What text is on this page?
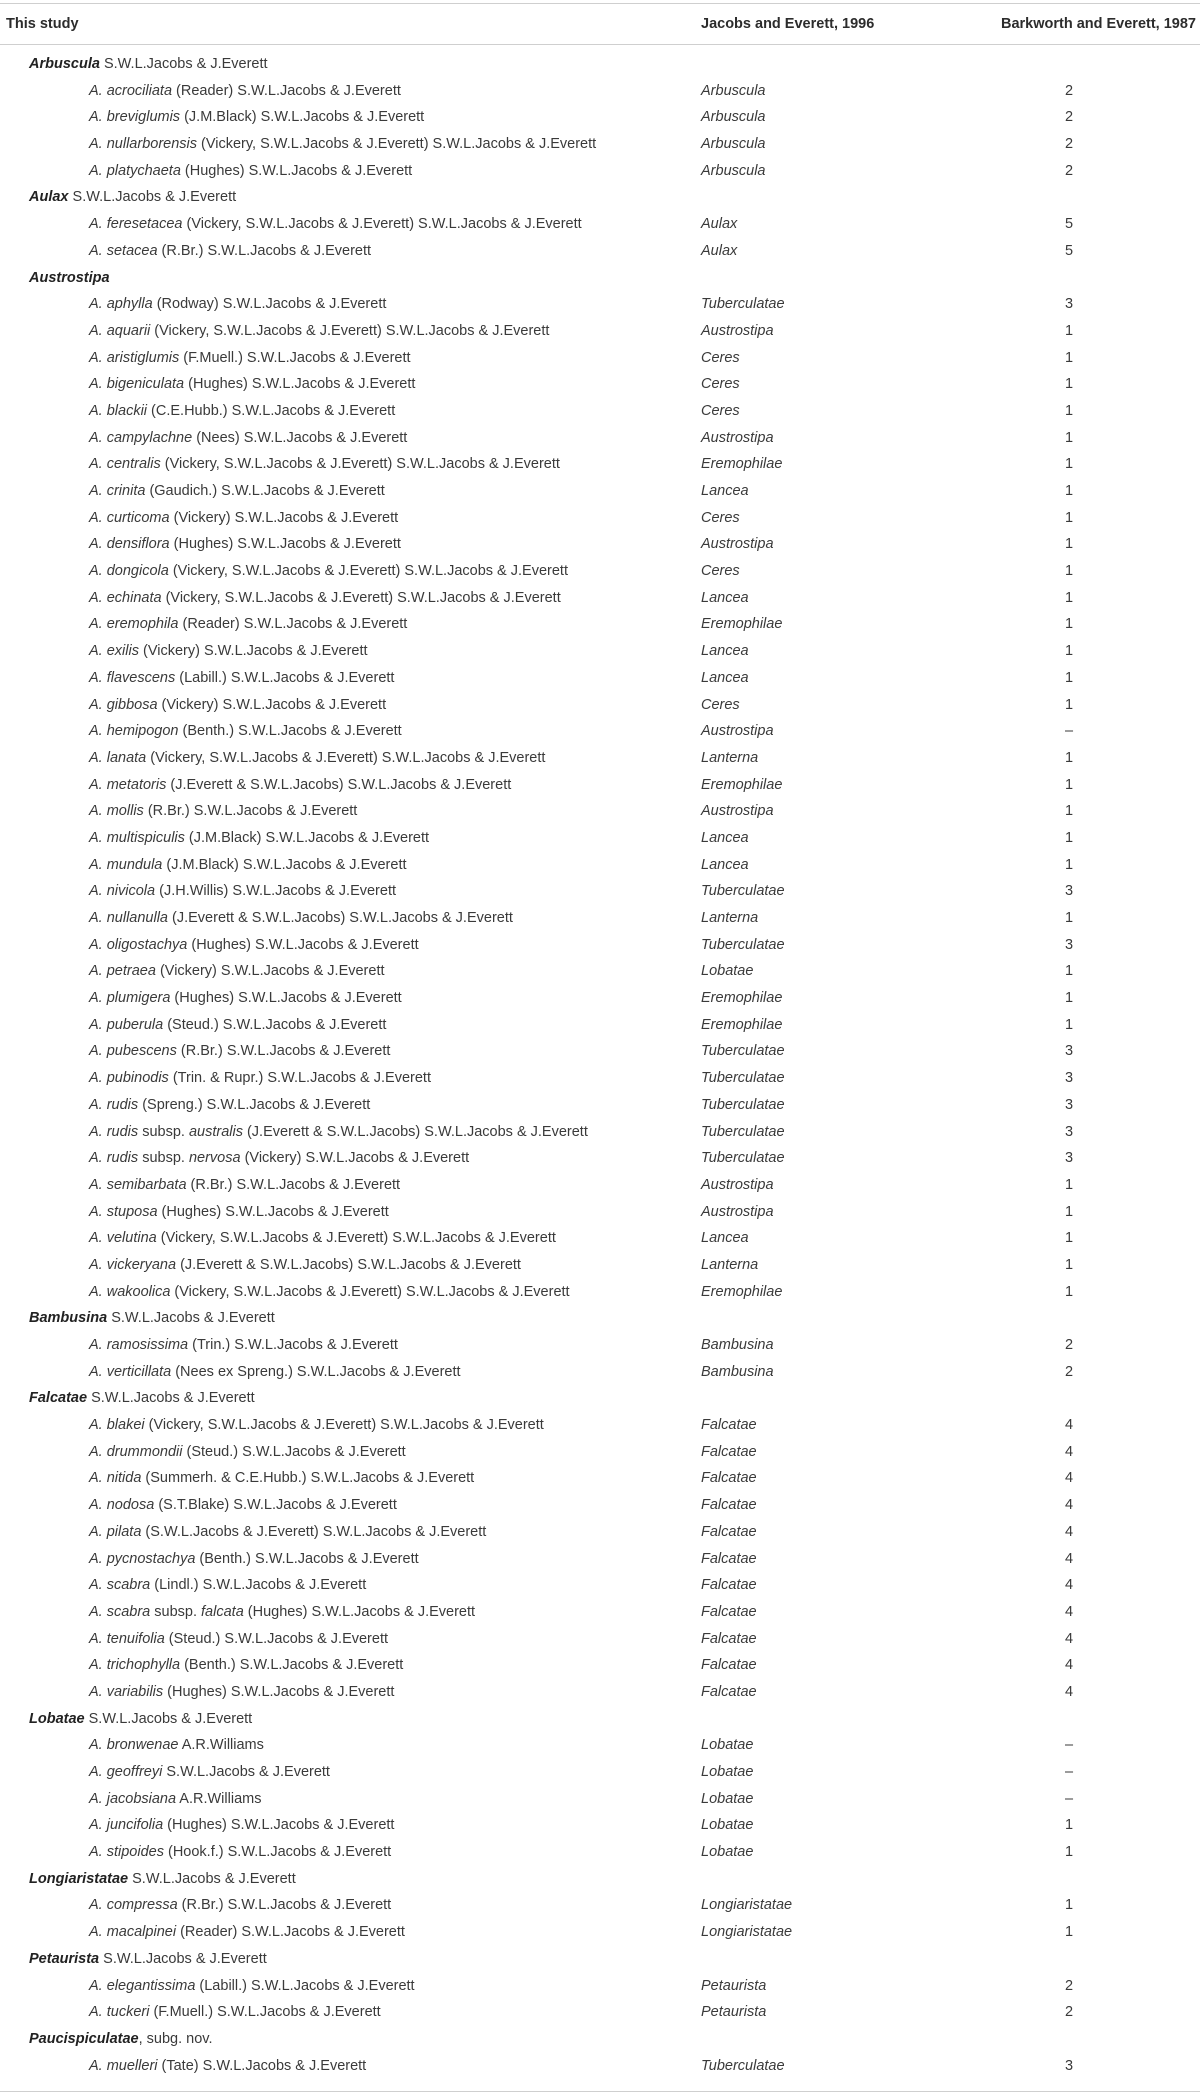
This study	Jacobs and Everett, 1996	Barkworth and Everett, 1987
Arbuscula S.W.L.Jacobs & J.Everett
A. acrociliata (Reader) S.W.L.Jacobs & J.Everett	Arbuscula	2
A. breviglumis (J.M.Black) S.W.L.Jacobs & J.Everett	Arbuscula	2
A. nullarborensis (Vickery, S.W.L.Jacobs & J.Everett) S.W.L.Jacobs & J.Everett	Arbuscula	2
A. platychaeta (Hughes) S.W.L.Jacobs & J.Everett	Arbuscula	2
Aulax S.W.L.Jacobs & J.Everett
A. feresetacea (Vickery, S.W.L.Jacobs & J.Everett) S.W.L.Jacobs & J.Everett	Aulax	5
A. setacea (R.Br.) S.W.L.Jacobs & J.Everett	Aulax	5
Austrostipa
A. aphylla (Rodway) S.W.L.Jacobs & J.Everett	Tuberculatae	3
A. aquarii (Vickery, S.W.L.Jacobs & J.Everett) S.W.L.Jacobs & J.Everett	Austrostipa	1
A. aristiglumis (F.Muell.) S.W.L.Jacobs & J.Everett	Ceres	1
A. bigeniculata (Hughes) S.W.L.Jacobs & J.Everett	Ceres	1
A. blackii (C.E.Hubb.) S.W.L.Jacobs & J.Everett	Ceres	1
A. campylachne (Nees) S.W.L.Jacobs & J.Everett	Austrostipa	1
A. centralis (Vickery, S.W.L.Jacobs & J.Everett) S.W.L.Jacobs & J.Everett	Eremophilae	1
A. crinita (Gaudich.) S.W.L.Jacobs & J.Everett	Lancea	1
A. curticoma (Vickery) S.W.L.Jacobs & J.Everett	Ceres	1
A. densiflora (Hughes) S.W.L.Jacobs & J.Everett	Austrostipa	1
A. dongicola (Vickery, S.W.L.Jacobs & J.Everett) S.W.L.Jacobs & J.Everett	Ceres	1
A. echinata (Vickery, S.W.L.Jacobs & J.Everett) S.W.L.Jacobs & J.Everett	Lancea	1
A. eremophila (Reader) S.W.L.Jacobs & J.Everett	Eremophilae	1
A. exilis (Vickery) S.W.L.Jacobs & J.Everett	Lancea	1
A. flavescens (Labill.) S.W.L.Jacobs & J.Everett	Lancea	1
A. gibbosa (Vickery) S.W.L.Jacobs & J.Everett	Ceres	1
A. hemipogon (Benth.) S.W.L.Jacobs & J.Everett	Austrostipa	–
A. lanata (Vickery, S.W.L.Jacobs & J.Everett) S.W.L.Jacobs & J.Everett	Lanterna	1
A. metatoris (J.Everett & S.W.L.Jacobs) S.W.L.Jacobs & J.Everett	Eremophilae	1
A. mollis (R.Br.) S.W.L.Jacobs & J.Everett	Austrostipa	1
A. multispiculis (J.M.Black) S.W.L.Jacobs & J.Everett	Lancea	1
A. mundula (J.M.Black) S.W.L.Jacobs & J.Everett	Lancea	1
A. nivicola (J.H.Willis) S.W.L.Jacobs & J.Everett	Tuberculatae	3
A. nullanulla (J.Everett & S.W.L.Jacobs) S.W.L.Jacobs & J.Everett	Lanterna	1
A. oligostachya (Hughes) S.W.L.Jacobs & J.Everett	Tuberculatae	3
A. petraea (Vickery) S.W.L.Jacobs & J.Everett	Lobatae	1
A. plumigera (Hughes) S.W.L.Jacobs & J.Everett	Eremophilae	1
A. puberula (Steud.) S.W.L.Jacobs & J.Everett	Eremophilae	1
A. pubescens (R.Br.) S.W.L.Jacobs & J.Everett	Tuberculatae	3
A. pubinodis (Trin. & Rupr.) S.W.L.Jacobs & J.Everett	Tuberculatae	3
A. rudis (Spreng.) S.W.L.Jacobs & J.Everett	Tuberculatae	3
A. rudis subsp. australis (J.Everett & S.W.L.Jacobs) S.W.L.Jacobs & J.Everett	Tuberculatae	3
A. rudis subsp. nervosa (Vickery) S.W.L.Jacobs & J.Everett	Tuberculatae	3
A. semibarbata (R.Br.) S.W.L.Jacobs & J.Everett	Austrostipa	1
A. stuposa (Hughes) S.W.L.Jacobs & J.Everett	Austrostipa	1
A. velutina (Vickery, S.W.L.Jacobs & J.Everett) S.W.L.Jacobs & J.Everett	Lancea	1
A. vickeryana (J.Everett & S.W.L.Jacobs) S.W.L.Jacobs & J.Everett	Lanterna	1
A. wakoolica (Vickery, S.W.L.Jacobs & J.Everett) S.W.L.Jacobs & J.Everett	Eremophilae	1
Bambusina S.W.L.Jacobs & J.Everett
A. ramosissima (Trin.) S.W.L.Jacobs & J.Everett	Bambusina	2
A. verticillata (Nees ex Spreng.) S.W.L.Jacobs & J.Everett	Bambusina	2
Falcatae S.W.L.Jacobs & J.Everett
A. blakei (Vickery, S.W.L.Jacobs & J.Everett) S.W.L.Jacobs & J.Everett	Falcatae	4
A. drummondii (Steud.) S.W.L.Jacobs & J.Everett	Falcatae	4
A. nitida (Summerh. & C.E.Hubb.) S.W.L.Jacobs & J.Everett	Falcatae	4
A. nodosa (S.T.Blake) S.W.L.Jacobs & J.Everett	Falcatae	4
A. pilata (S.W.L.Jacobs & J.Everett) S.W.L.Jacobs & J.Everett	Falcatae	4
A. pycnostachya (Benth.) S.W.L.Jacobs & J.Everett	Falcatae	4
A. scabra (Lindl.) S.W.L.Jacobs & J.Everett	Falcatae	4
A. scabra subsp. falcata (Hughes) S.W.L.Jacobs & J.Everett	Falcatae	4
A. tenuifolia (Steud.) S.W.L.Jacobs & J.Everett	Falcatae	4
A. trichophylla (Benth.) S.W.L.Jacobs & J.Everett	Falcatae	4
A. variabilis (Hughes) S.W.L.Jacobs & J.Everett	Falcatae	4
Lobatae S.W.L.Jacobs & J.Everett
A. bronwenae A.R.Williams	Lobatae	–
A. geoffreyi S.W.L.Jacobs & J.Everett	Lobatae	–
A. jacobsiana A.R.Williams	Lobatae	–
A. juncifolia (Hughes) S.W.L.Jacobs & J.Everett	Lobatae	1
A. stipoides (Hook.f.) S.W.L.Jacobs & J.Everett	Lobatae	1
Longiaristatae S.W.L.Jacobs & J.Everett
A. compressa (R.Br.) S.W.L.Jacobs & J.Everett	Longiaristatae	1
A. macalpinei (Reader) S.W.L.Jacobs & J.Everett	Longiaristatae	1
Petaurista S.W.L.Jacobs & J.Everett
A. elegantissima (Labill.) S.W.L.Jacobs & J.Everett	Petaurista	2
A. tuckeri (F.Muell.) S.W.L.Jacobs & J.Everett	Petaurista	2
Paucispiculatae, subg. nov.
A. muelleri (Tate) S.W.L.Jacobs & J.Everett	Tuberculatae	3
